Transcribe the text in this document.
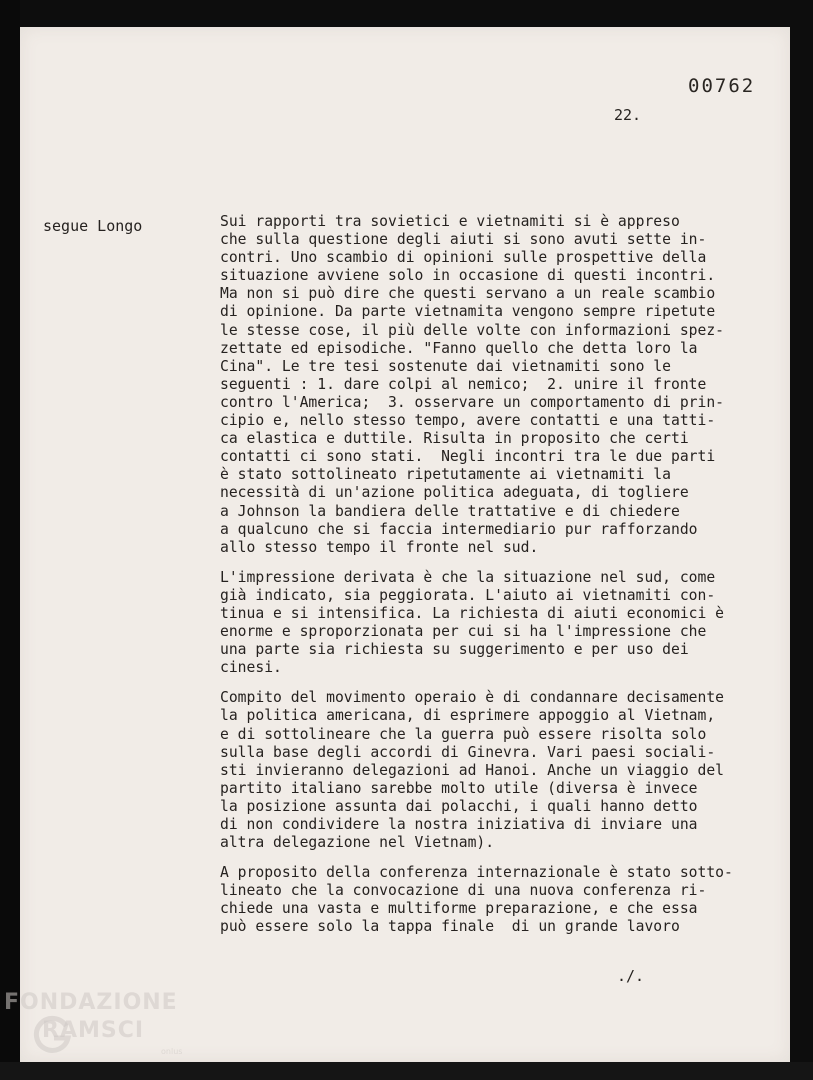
00762
22.
segue Longo	Sui rapporti tra sovietici e vietnamiti si è appreso
che sulla questione degli aiuti si sono avuti sette in-
contri. Uno scambio di opinioni sulle prospettive della
situazione avviene solo in occasione di questi incontri.
Ma non si può dire che questi servano a un reale scambio
di opinione. Da parte vietnamita vengono sempre ripetute
le stesse cose, il più delle volte con informazioni spez-
zettate ed episodiche. "Fanno quello che detta loro la
Cina". Le tre tesi sostenute dai vietnamiti sono le
seguenti : 1. dare colpi al nemico;  2. unire il fronte
contro l'America;  3. osservare un comportamento di prin-
cipio e, nello stesso tempo, avere contatti e una tatti-
ca elastica e duttile. Risulta in proposito che certi
contatti ci sono stati.  Negli incontri tra le due parti
è stato sottolineato ripetutamente ai vietnamiti la
necessità di un'azione politica adeguata, di togliere
a Johnson la bandiera delle trattative e di chiedere
a qualcuno che si faccia intermediario pur rafforzando
allo stesso tempo il fronte nel sud.

L'impressione derivata è che la situazione nel sud, come
già indicato, sia peggiorata. L'aiuto ai vietnamiti con-
tinua e si intensifica. La richiesta di aiuti economici è
enorme e sproporzionata per cui si ha l'impressione che
una parte sia richiesta su suggerimento e per uso dei
cinesi.

Compito del movimento operaio è di condannare decisamente
la politica americana, di esprimere appoggio al Vietnam,
e di sottolineare che la guerra può essere risolta solo
sulla base degli accordi di Ginevra. Vari paesi sociali-
sti invieranno delegazioni ad Hanoi. Anche un viaggio del
partito italiano sarebbe molto utile (diversa è invece
la posizione assunta dai polacchi, i quali hanno detto
di non condividere la nostra iniziativa di inviare una
altra delegazione nel Vietnam).

A proposito della conferenza internazionale è stato sotto-
lineato che la convocazione di una nuova conferenza ri-
chiede una vasta e multiforme preparazione, e che essa
può essere solo la tappa finale  di un grande lavoro

./.
FONDAZIONE
RAMSCI
onlus
